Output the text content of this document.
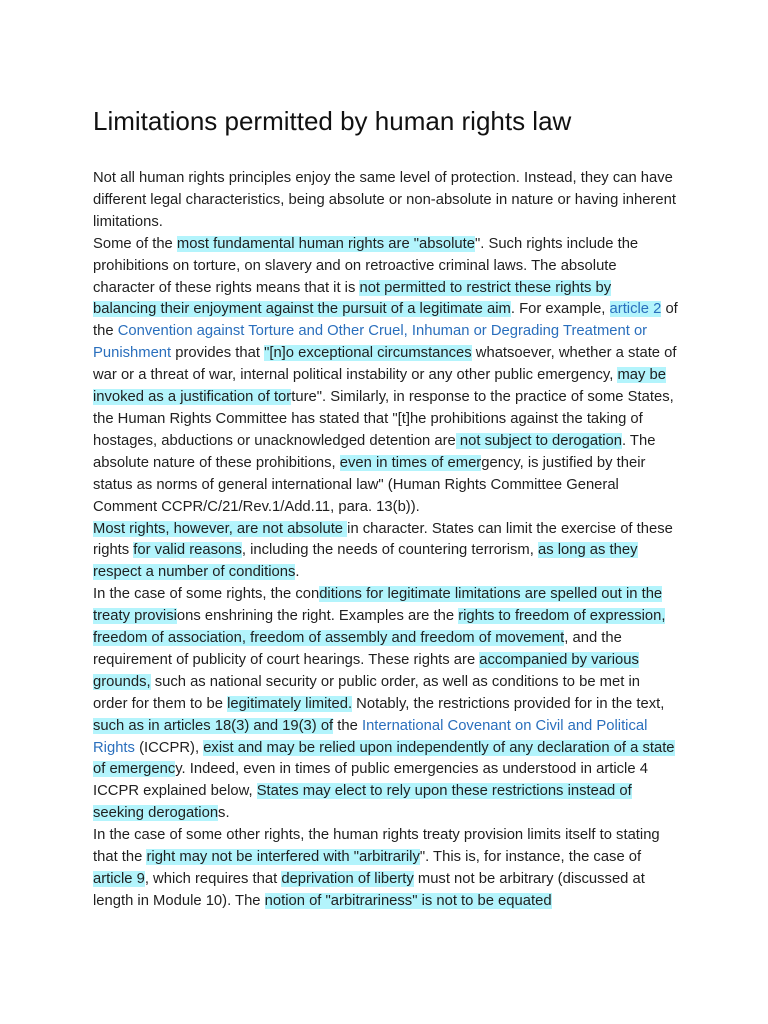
Limitations permitted by human rights law

Not all human rights principles enjoy the same level of protection. Instead, they can have different legal characteristics, being absolute or non-absolute in nature or having inherent limitations.

Some of the most fundamental human rights are "absolute". Such rights include the prohibitions on torture, on slavery and on retroactive criminal laws. The absolute character of these rights means that it is not permitted to restrict these rights by balancing their enjoyment against the pursuit of a legitimate aim. For example, article 2 of the Convention against Torture and Other Cruel, Inhuman or Degrading Treatment or Punishment provides that "[n]o exceptional circumstances whatsoever, whether a state of war or a threat of war, internal political instability or any other public emergency, may be invoked as a justification of torture". Similarly, in response to the practice of some States, the Human Rights Committee has stated that "[t]he prohibitions against the taking of hostages, abductions or unacknowledged detention are not subject to derogation. The absolute nature of these prohibitions, even in times of emergency, is justified by their status as norms of general international law" (Human Rights Committee General Comment CCPR/C/21/Rev.1/Add.11, para. 13(b)).

Most rights, however, are not absolute in character. States can limit the exercise of these rights for valid reasons, including the needs of countering terrorism, as long as they respect a number of conditions.

In the case of some rights, the conditions for legitimate limitations are spelled out in the treaty provisions enshrining the right. Examples are the rights to freedom of expression, freedom of association, freedom of assembly and freedom of movement, and the requirement of publicity of court hearings. These rights are accompanied by various grounds, such as national security or public order, as well as conditions to be met in order for them to be legitimately limited. Notably, the restrictions provided for in the text, such as in articles 18(3) and 19(3) of the International Covenant on Civil and Political Rights (ICCPR), exist and may be relied upon independently of any declaration of a state of emergency. Indeed, even in times of public emergencies as understood in article 4 ICCPR explained below, States may elect to rely upon these restrictions instead of seeking derogations.

In the case of some other rights, the human rights treaty provision limits itself to stating that the right may not be interfered with "arbitrarily". This is, for instance, the case of article 9, which requires that deprivation of liberty must not be arbitrary (discussed at length in Module 10). The notion of "arbitrariness" is not to be equated
